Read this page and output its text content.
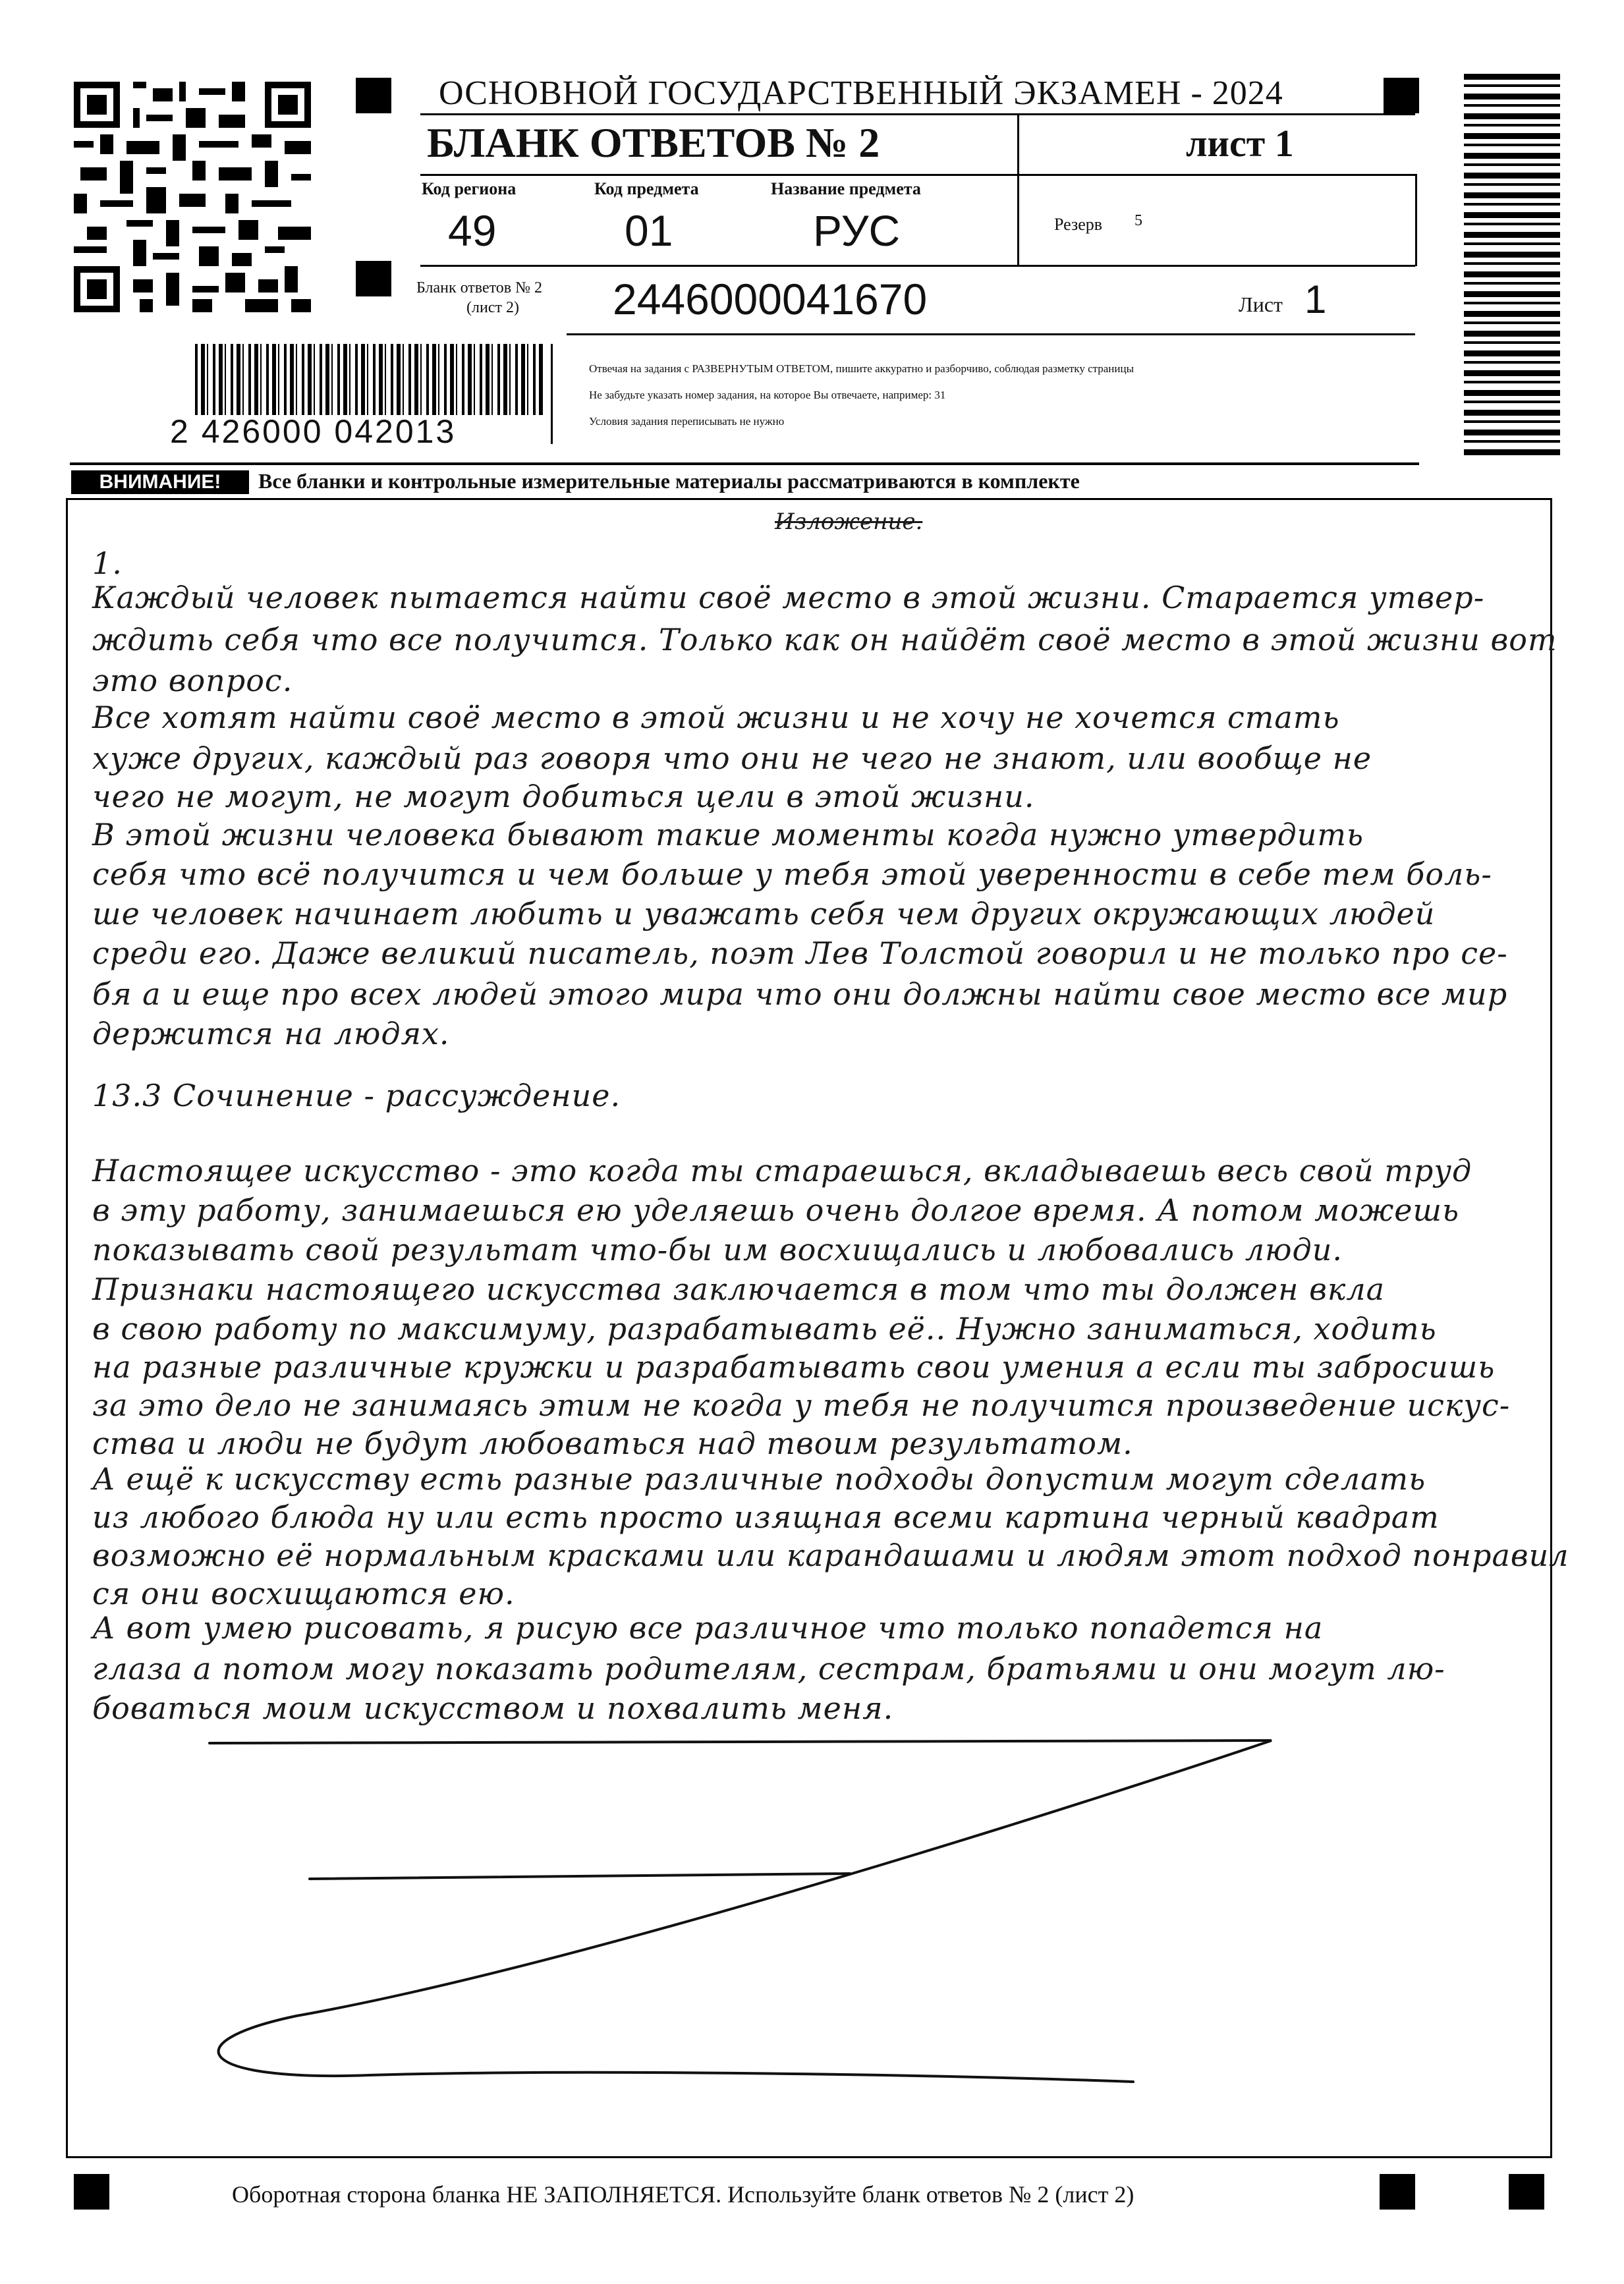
ОСНОВНОЙ ГОСУДАРСТВЕННЫЙ ЭКЗАМЕН - 2024
БЛАНК ОТВЕТОВ № 2	лист 1
Код региона	Код предмета	Название предмета
49	01	РУС	Резерв 5
Бланк ответов № 2
(лист 2) 2446000041670	Лист 1
2 426000 042013
Отвечая на задания с РАЗВЕРНУТЫМ ОТВЕТОМ, пишите аккуратно и разборчиво, соблюдая разметку страницы
Не забудьте указать номер задания, на которое Вы отвечаете, например: 31
Условия задания переписывать не нужно
ВНИМАНИЕ!	Все бланки и контрольные измерительные материалы рассматриваются в комплекте
Изложение.
1.
Каждый человек пытается найти своё место в этой жизни. Старается утвер-
ждить себя что все получится. Только как он найдёт своё место в этой жизни вот
это вопрос.
Все хотят найти своё место в этой жизни и не хочу не хочется стать
хуже других, каждый раз говоря что они не чего не знают, или вообще не
чего не могут, не могут добиться цели в этой жизни.
В этой жизни человека бывают такие моменты когда нужно утвердить
себя что всё получится и чем больше у тебя этой уверенности в себе тем боль-
ше человек начинает любить и уважать себя чем других окружающих людей
среди его. Даже великий писатель, поэт Лев Толстой говорил и не только про се-
бя а и еще про всех людей этого мира что они должны найти свое место все мир
держится на людях.
13.3 Сочинение - рассуждение.
Настоящее искусство - это когда ты стараешься, вкладываешь весь свой труд
в эту работу, занимаешься ею уделяешь очень долгое время. А потом можешь
показывать свой результат что-бы им восхищались и любовались люди.
Признаки настоящего искусства заключается в том что ты должен вкла
в свою работу по максимуму, разрабатывать её.. Нужно заниматься, ходить
на разные различные кружки и разрабатывать свои умения а если ты забросишь
за это дело не занимаясь этим не когда у тебя не получится произведение искус-
ства и люди не будут любоваться над твоим результатом.
А ещё к искусству есть разные различные подходы допустим могут сделать
из любого блюда ну или есть просто изящная всеми картина черный квадрат
возможно её нормальным красками или карандашами и людям этот подход понравил
ся они восхищаются ею.
А вот умею рисовать, я рисую все различное что только попадется на
глаза а потом могу показать родителям, сестрам, братьями и они могут лю-
боваться моим искусством и похвалить меня.
Оборотная сторона бланка НЕ ЗАПОЛНЯЕТСЯ. Используйте бланк ответов № 2 (лист 2)
